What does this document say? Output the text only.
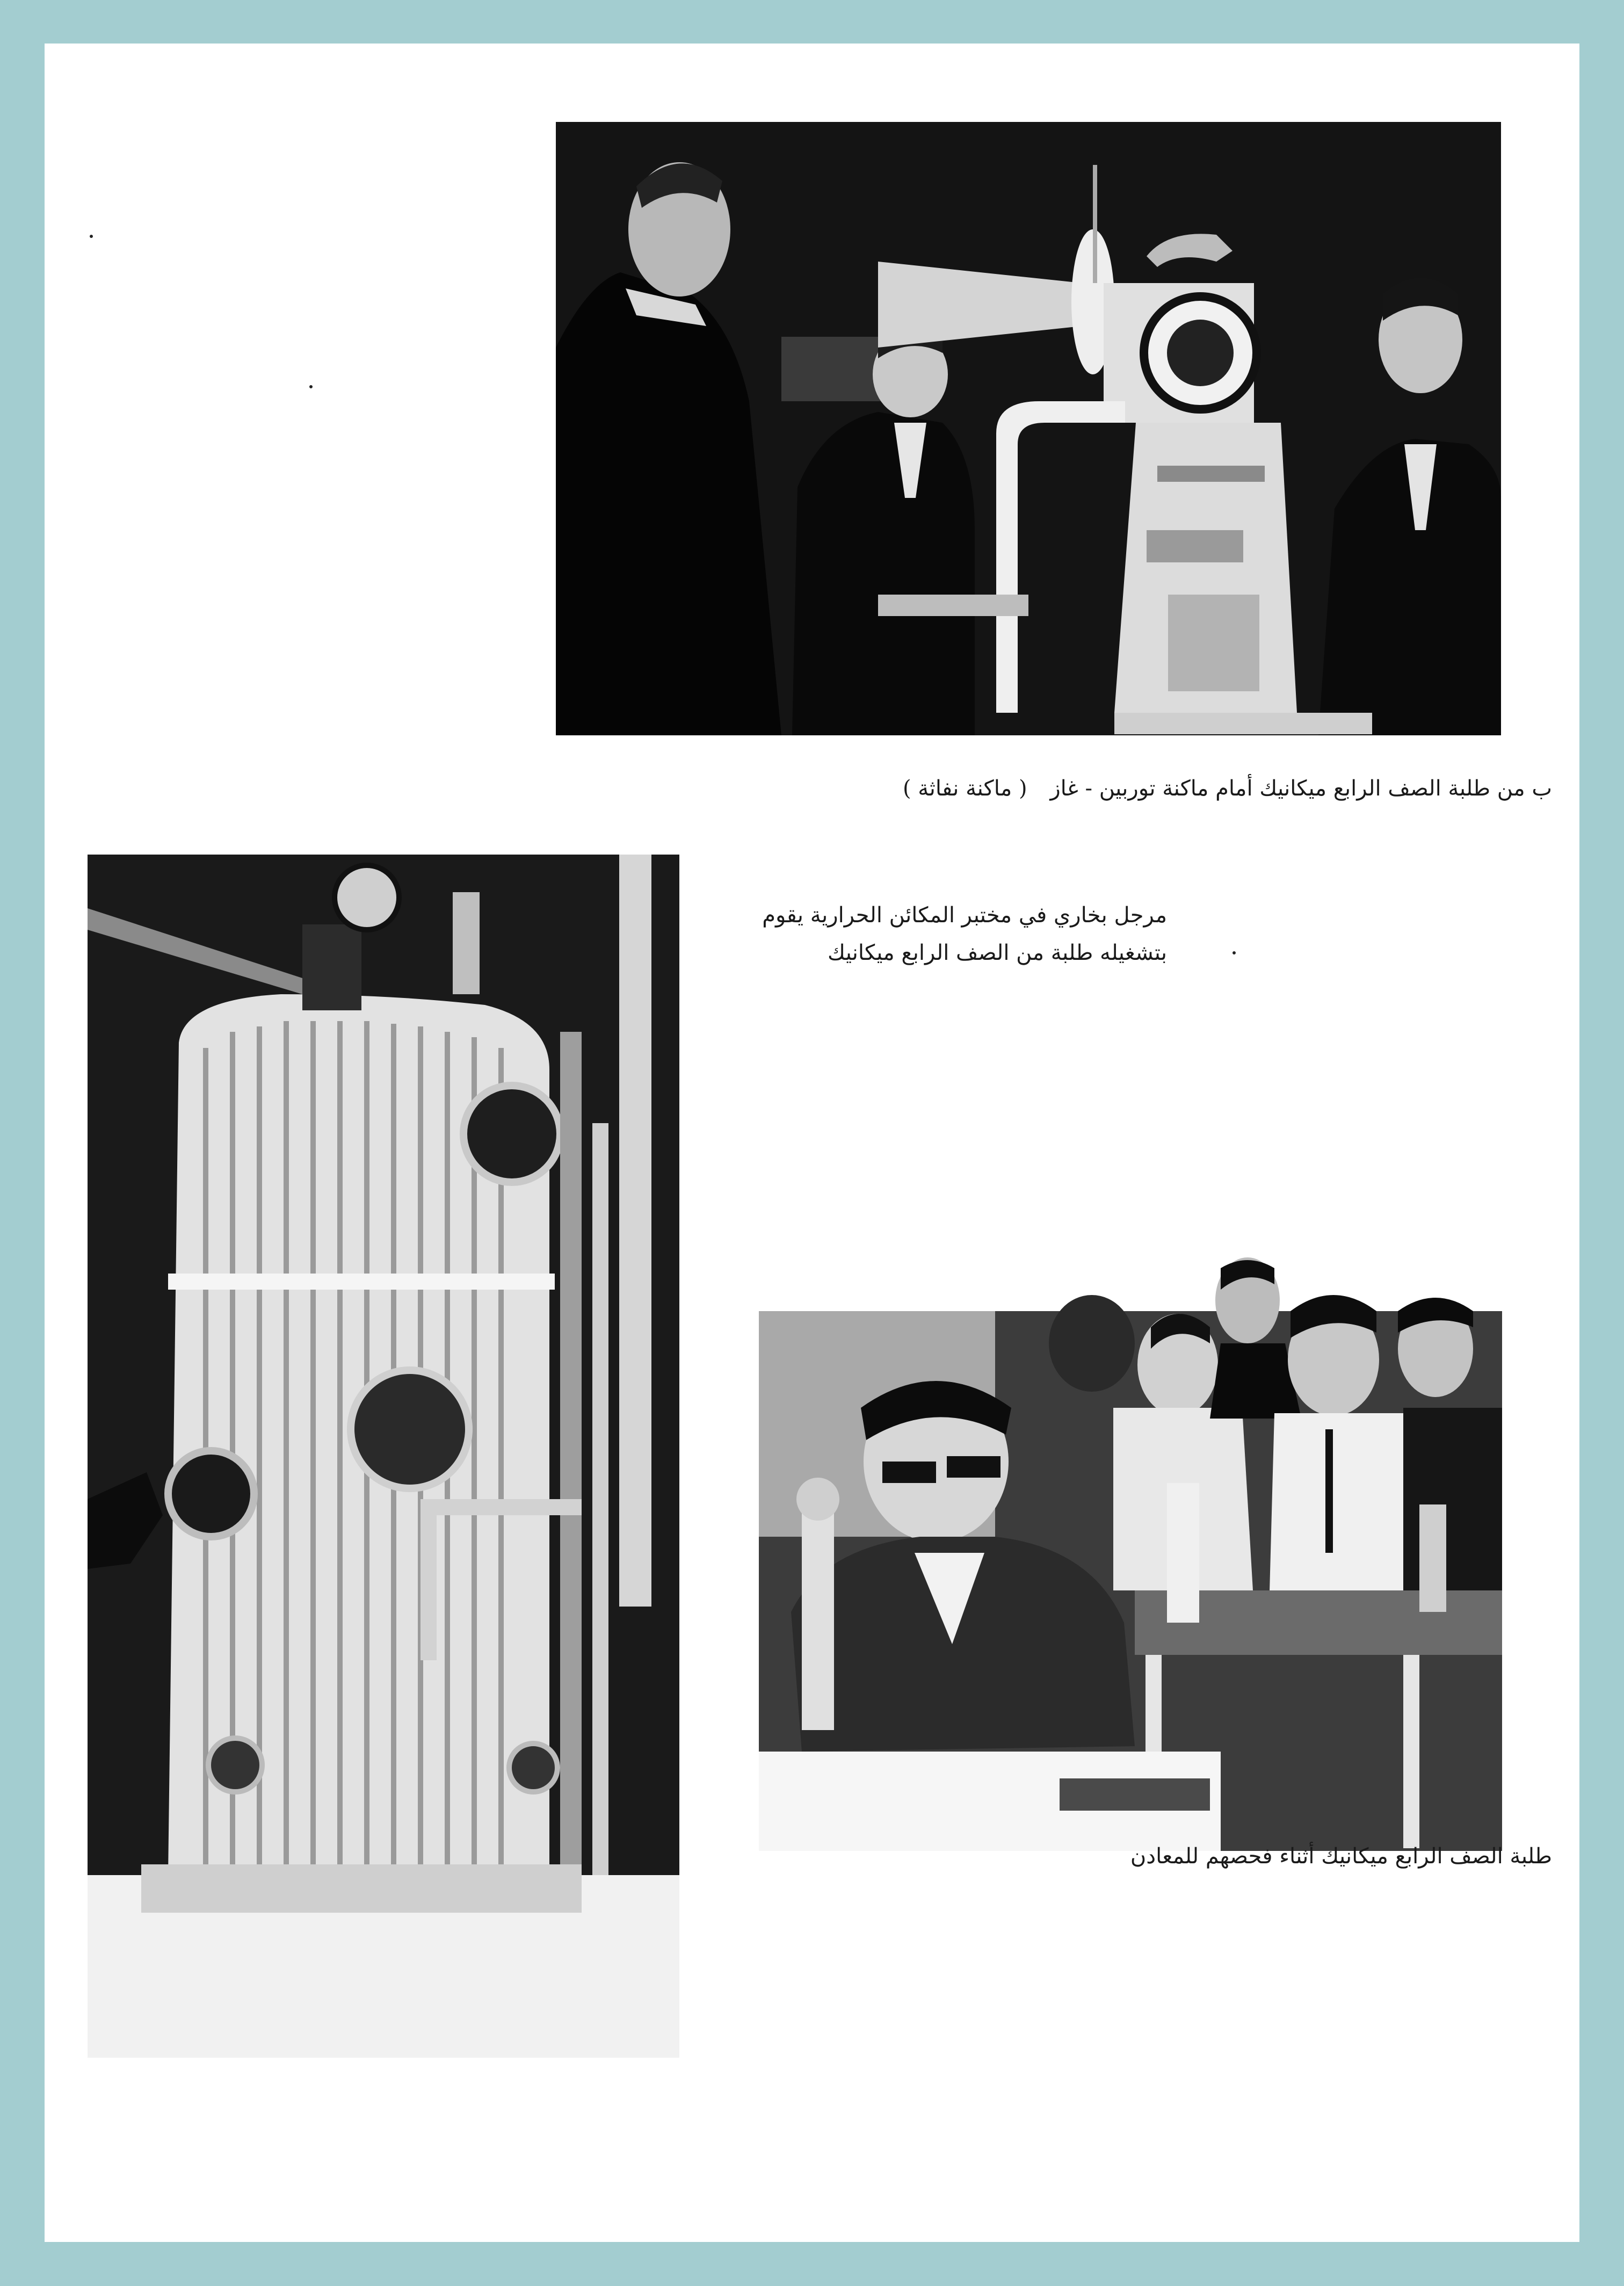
ب من طلبة الصف الرابع ميكانيك أمام ماكنة توربين - غاز ( ماكنة نفاثة )
مرجل بخاري في مختبر المكائن الحرارية يقوم
بتشغيله طلبة من الصف الرابع ميكانيك
طلبة الصف الرابع ميكانيك أثناء فحصهم للمعادن
